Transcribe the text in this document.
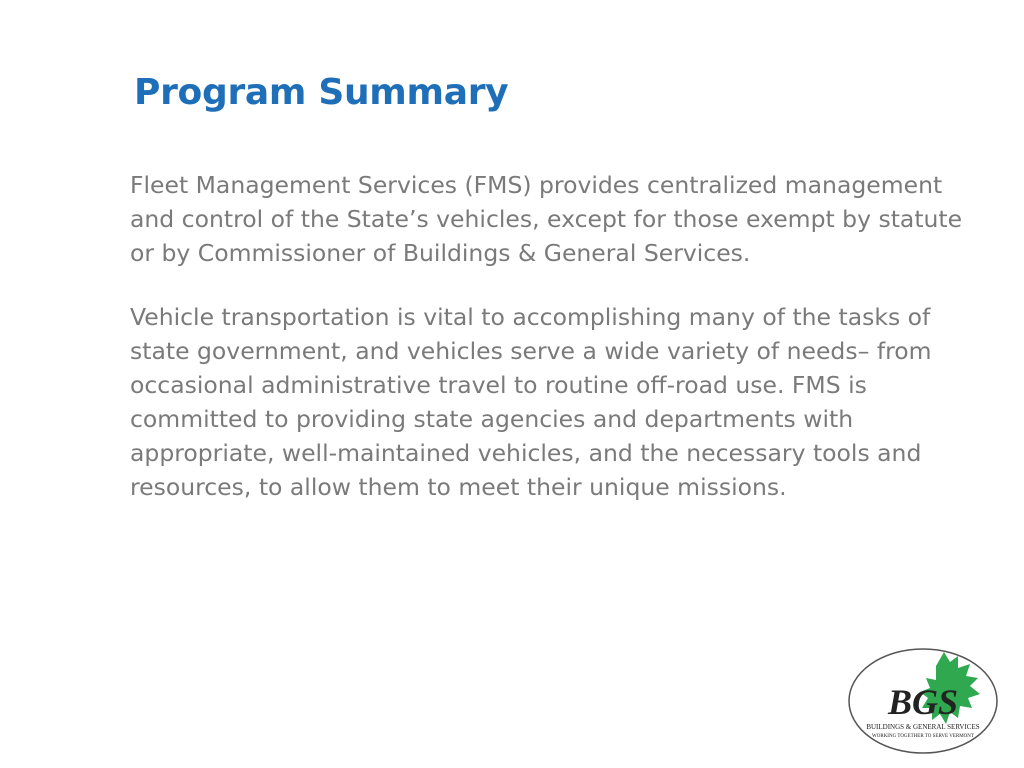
Program Summary

Fleet Management Services (FMS) provides centralized management and control of the State’s vehicles, except for those exempt by statute or by Commissioner of Buildings & General Services.

Vehicle transportation is vital to accomplishing many of the tasks of state government, and vehicles serve a wide variety of needs– from occasional administrative travel to routine off-road use. FMS is committed to providing state agencies and departments with appropriate, well-maintained vehicles, and the necessary tools and resources, to allow them to meet their unique missions.

BGS
BUILDINGS & GENERAL SERVICES
WORKING TOGETHER TO SERVE VERMONT
